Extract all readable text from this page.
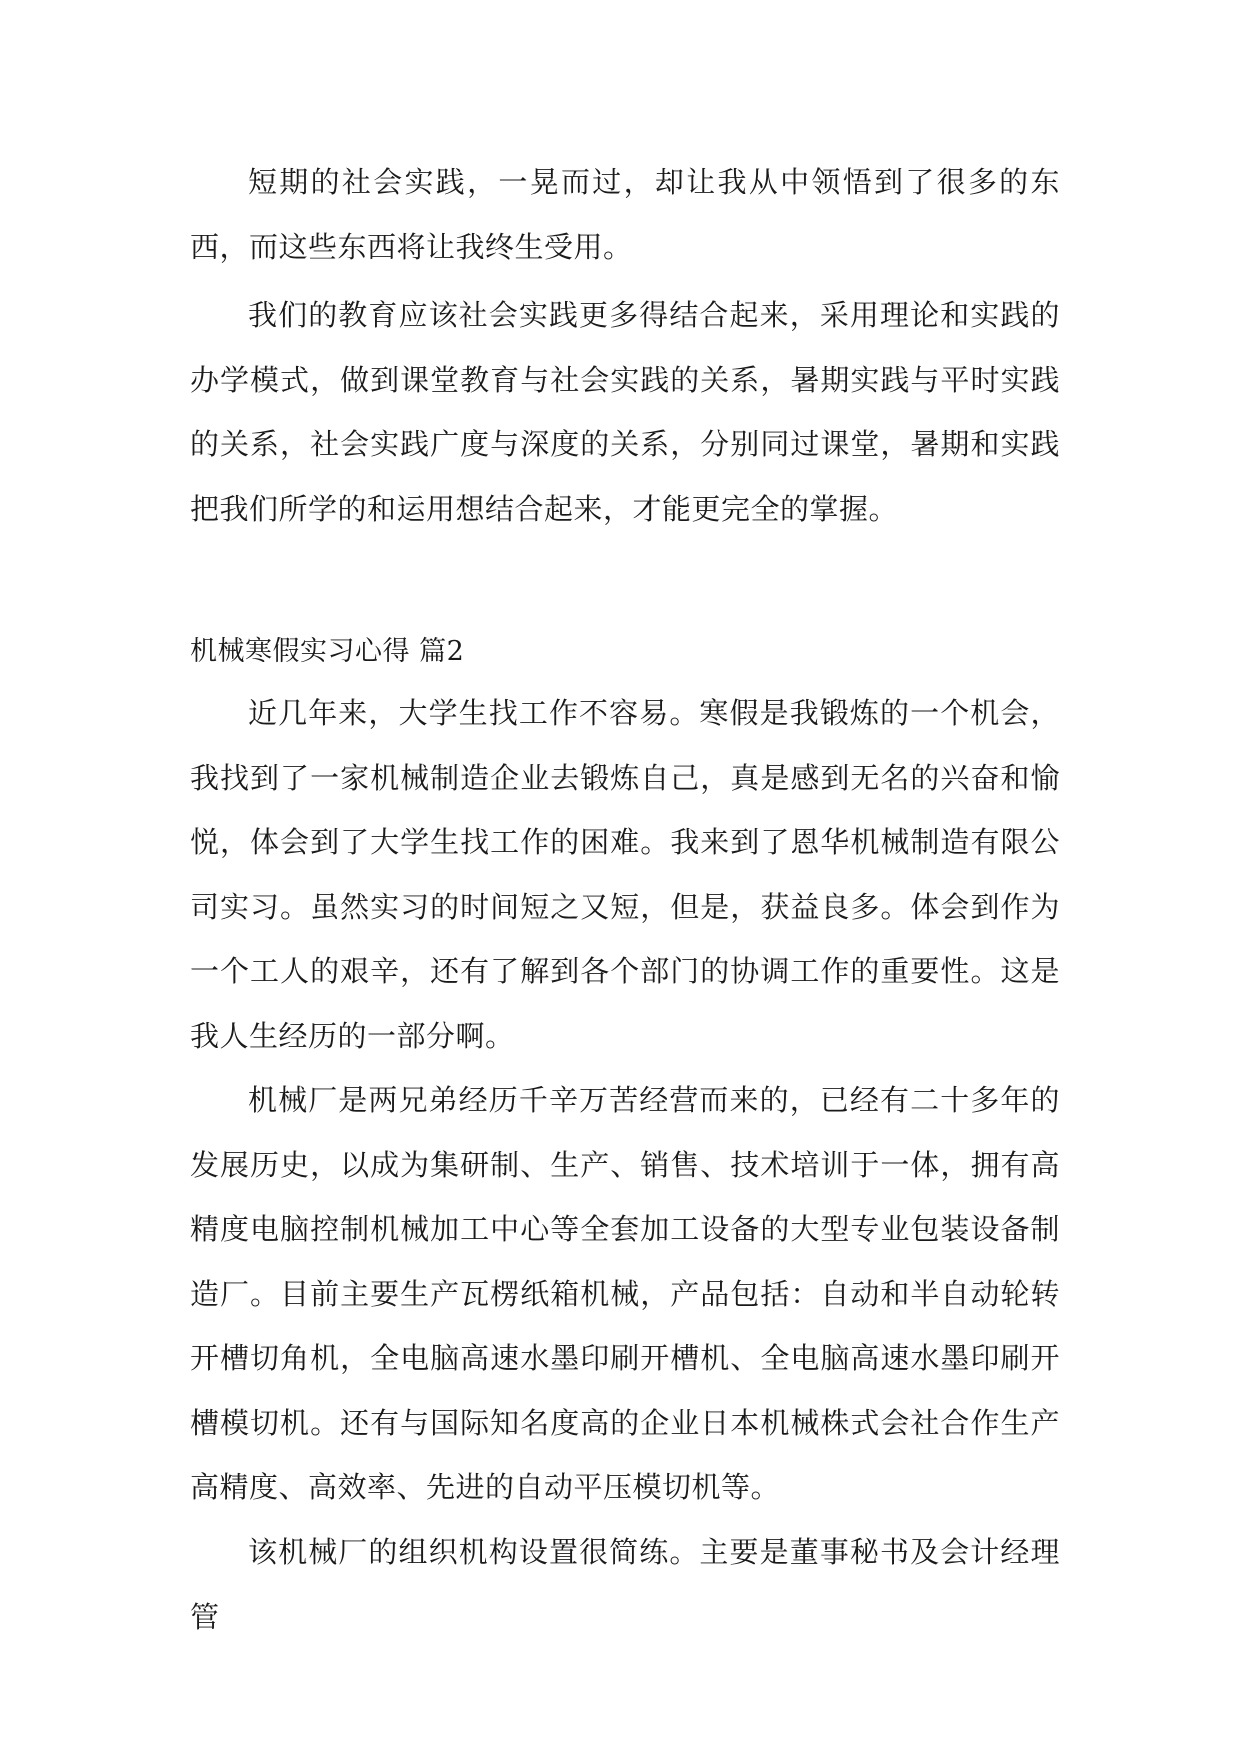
短期的社会实践，一晃而过，却让我从中领悟到了很多的东西，而这些东西将让我终生受用。

我们的教育应该社会实践更多得结合起来，采用理论和实践的办学模式，做到课堂教育与社会实践的关系，暑期实践与平时实践的关系，社会实践广度与深度的关系，分别同过课堂，暑期和实践把我们所学的和运用想结合起来，才能更完全的掌握。

机械寒假实习心得 篇2

近几年来，大学生找工作不容易。寒假是我锻炼的一个机会，我找到了一家机械制造企业去锻炼自己，真是感到无名的兴奋和愉悦，体会到了大学生找工作的困难。我来到了恩华机械制造有限公司实习。虽然实习的时间短之又短，但是，获益良多。体会到作为一个工人的艰辛，还有了解到各个部门的协调工作的重要性。这是我人生经历的一部分啊。

机械厂是两兄弟经历千辛万苦经营而来的，已经有二十多年的发展历史，以成为集研制、生产、销售、技术培训于一体，拥有高精度电脑控制机械加工中心等全套加工设备的大型专业包装设备制造厂。目前主要生产瓦楞纸箱机械，产品包括：自动和半自动轮转开槽切角机，全电脑高速水墨印刷开槽机、全电脑高速水墨印刷开槽模切机。还有与国际知名度高的企业日本机械株式会社合作生产高精度、高效率、先进的自动平压模切机等。

该机械厂的组织机构设置很简练。主要是董事秘书及会计经理管
